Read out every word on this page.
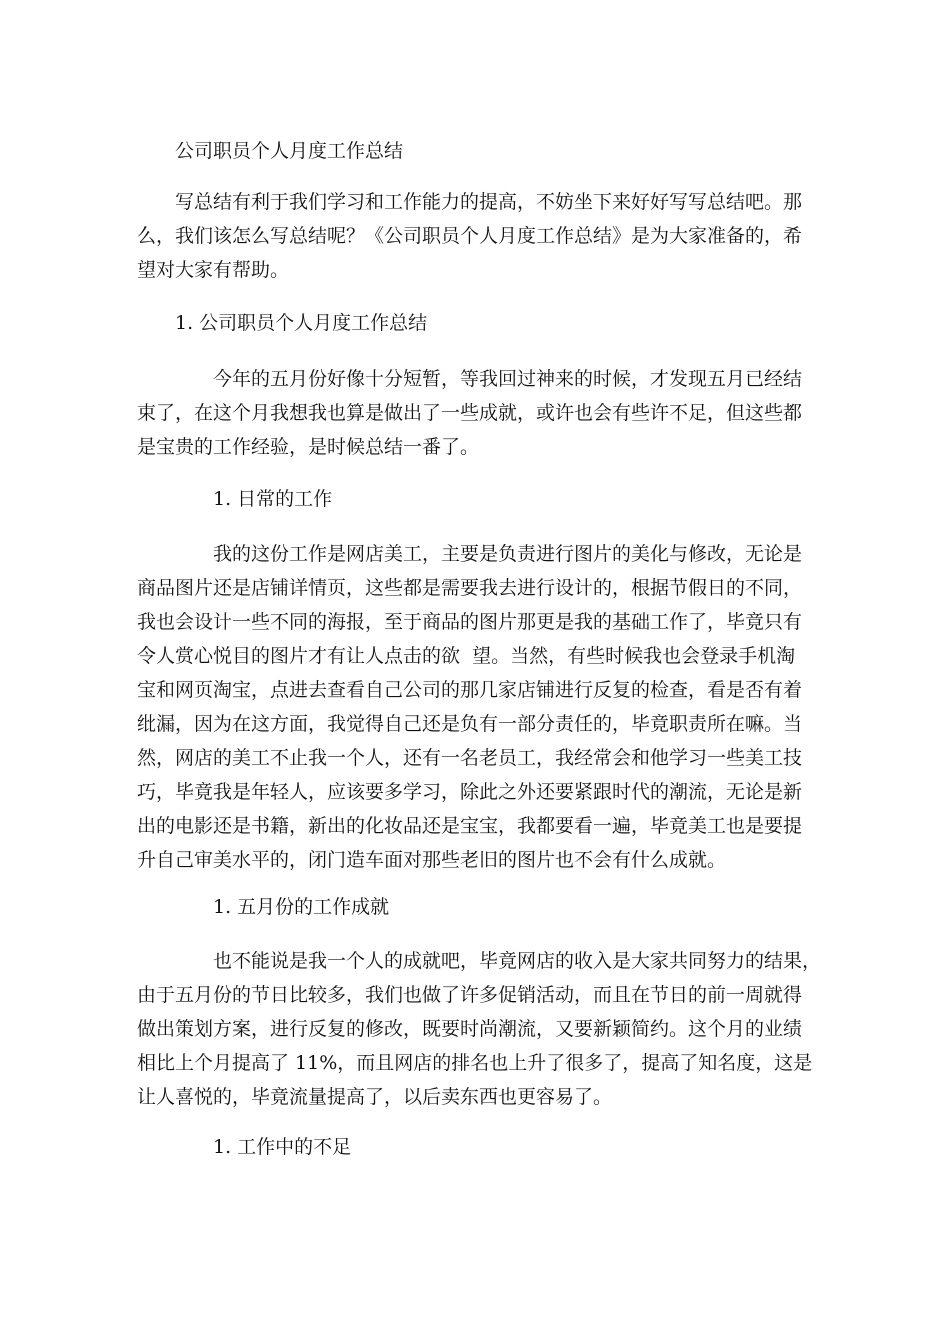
公司职员个人月度工作总结
写总结有利于我们学习和工作能力的提高，不妨坐下来好好写写总结吧。那
么，我们该怎么写总结呢？《公司职员个人月度工作总结》是为大家准备的，希
望对大家有帮助。
1. 公司职员个人月度工作总结
今年的五月份好像十分短暂，等我回过神来的时候，才发现五月已经结
束了，在这个月我想我也算是做出了一些成就，或许也会有些许不足，但这些都
是宝贵的工作经验，是时候总结一番了。
1. 日常的工作
我的这份工作是网店美工，主要是负责进行图片的美化与修改，无论是
商品图片还是店铺详情页，这些都是需要我去进行设计的，根据节假日的不同，
我也会设计一些不同的海报，至于商品的图片那更是我的基础工作了，毕竟只有
令人赏心悦目的图片才有让人点击的欲  望。当然，有些时候我也会登录手机淘
宝和网页淘宝，点进去查看自己公司的那几家店铺进行反复的检查，看是否有着
纰漏，因为在这方面，我觉得自己还是负有一部分责任的，毕竟职责所在嘛。当
然，网店的美工不止我一个人，还有一名老员工，我经常会和他学习一些美工技
巧，毕竟我是年轻人，应该要多学习，除此之外还要紧跟时代的潮流，无论是新
出的电影还是书籍，新出的化妆品还是宝宝，我都要看一遍，毕竟美工也是要提
升自己审美水平的，闭门造车面对那些老旧的图片也不会有什么成就。
1. 五月份的工作成就
也不能说是我一个人的成就吧，毕竟网店的收入是大家共同努力的结果，
由于五月份的节日比较多，我们也做了许多促销活动，而且在节日的前一周就得
做出策划方案，进行反复的修改，既要时尚潮流，又要新颖简约。这个月的业绩
相比上个月提高了 11%，而且网店的排名也上升了很多了，提高了知名度，这是
让人喜悦的，毕竟流量提高了，以后卖东西也更容易了。
1. 工作中的不足
